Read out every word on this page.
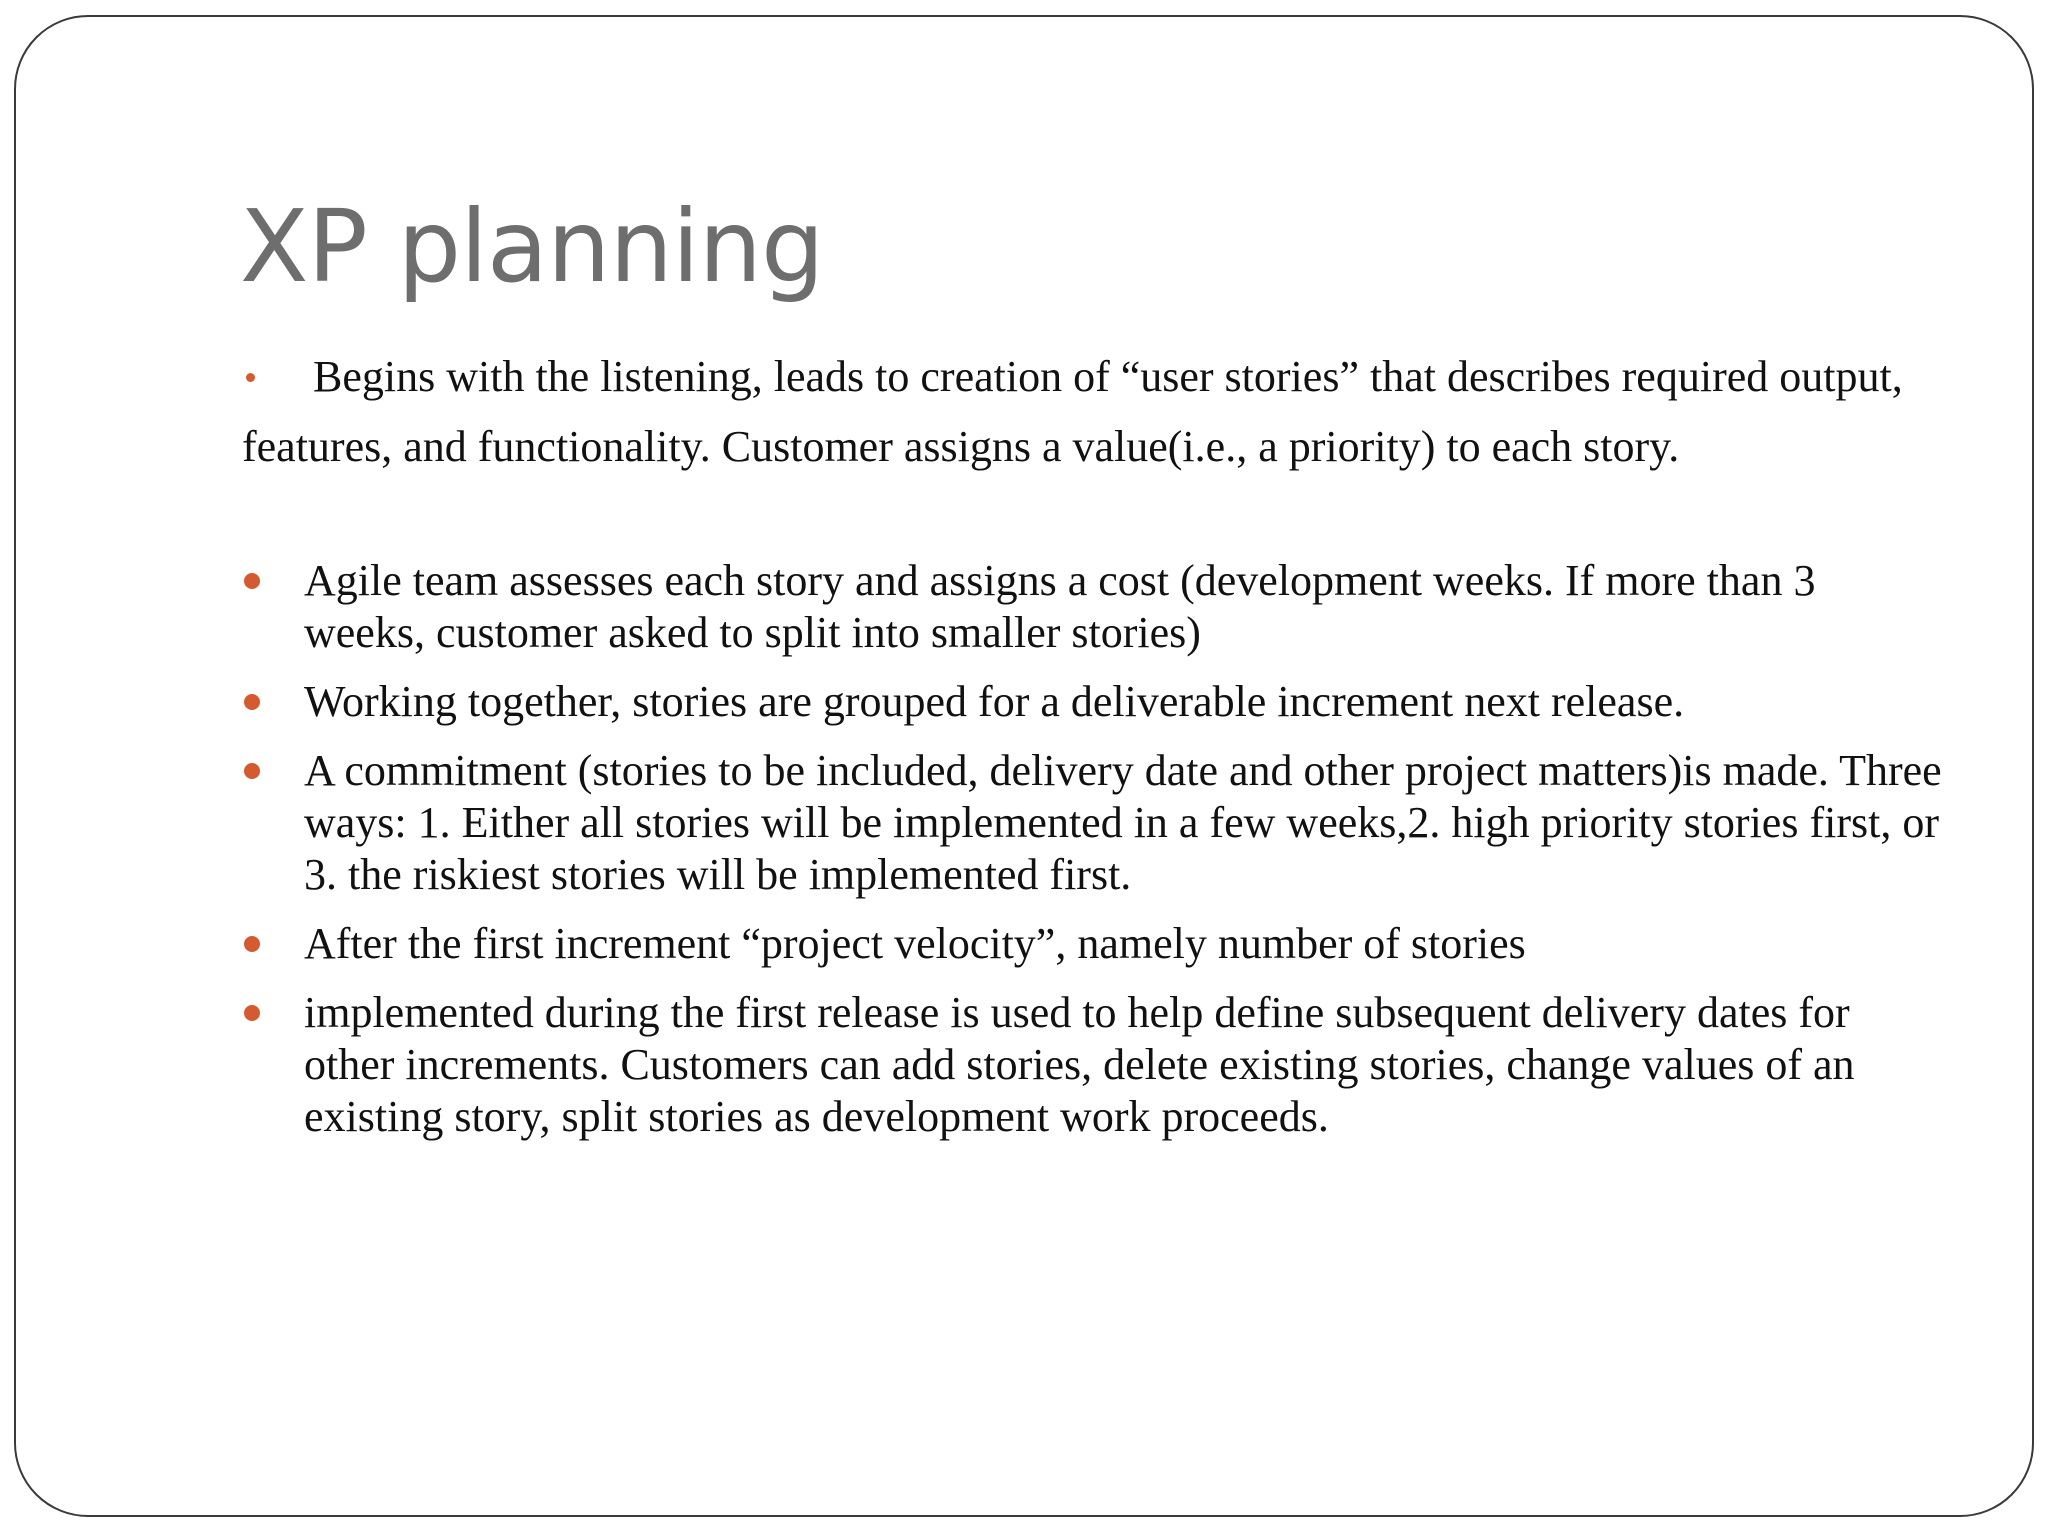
XP planning

Begins with the listening, leads to creation of “user stories” that describes required output, features, and functionality. Customer assigns a value(i.e., a priority) to each story.

Agile team assesses each story and assigns a cost (development weeks. If more than 3 weeks, customer asked to split into smaller stories)
Working together, stories are grouped for a deliverable increment next release.
A commitment (stories to be included, delivery date and other project matters)is made. Three ways: 1. Either all stories will be implemented in a few weeks,2. high priority stories first, or 3. the riskiest stories will be implemented first.
After the first increment “project velocity”, namely number of stories
implemented during the first release is used to help define subsequent delivery dates for other increments. Customers can add stories, delete existing stories, change values of an existing story, split stories as development work proceeds.
